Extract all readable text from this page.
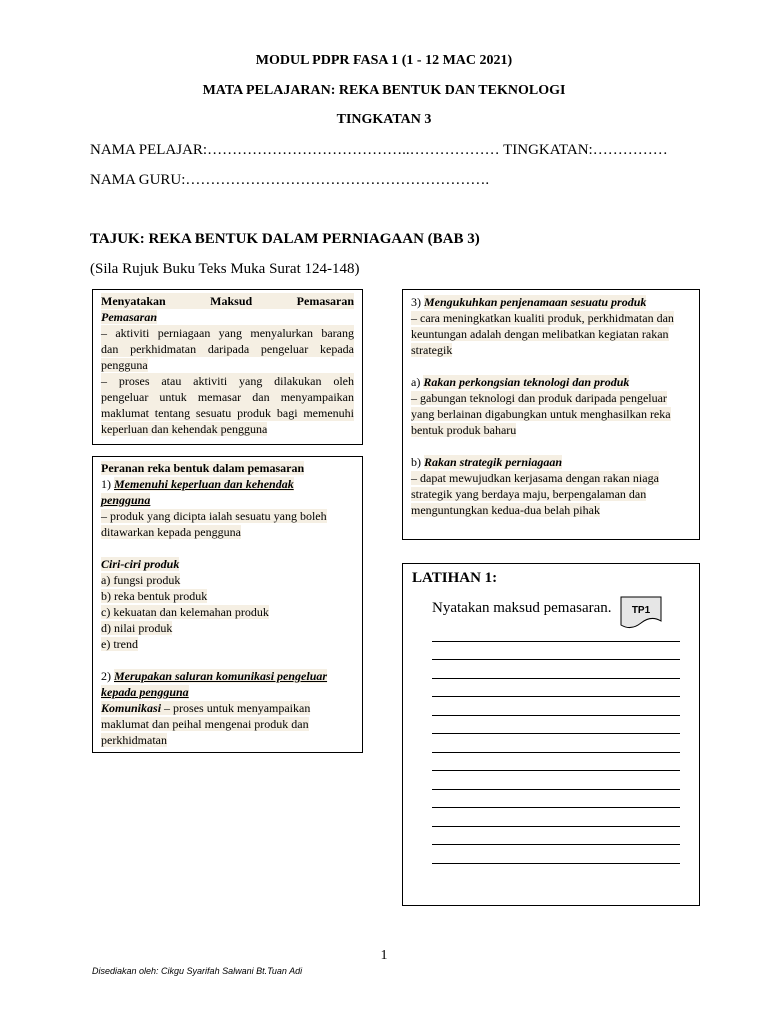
MODUL PDPR FASA 1 (1 - 12 MAC 2021)
MATA PELAJARAN: REKA BENTUK DAN TEKNOLOGI
TINGKATAN 3
NAMA PELAJAR:…………………………………..……………… TINGKATAN:……………
NAMA GURU:…………………………………………………….
TAJUK: REKA BENTUK DALAM PERNIAGAAN (BAB 3)
(Sila Rujuk Buku Teks Muka Surat 124-148)
Menyatakan	Maksud	Pemasaran
Pemasaran
– aktiviti perniagaan yang menyalurkan barang
dan perkhidmatan daripada pengeluar kepada
pengguna
– proses atau aktiviti yang dilakukan oleh
pengeluar untuk memasar dan menyampaikan
maklumat tentang sesuatu produk bagi memenuhi
keperluan dan kehendak pengguna
Peranan reka bentuk dalam pemasaran
1) Memenuhi keperluan dan kehendak
pengguna
– produk yang dicipta ialah sesuatu yang boleh
ditawarkan kepada pengguna
Ciri-ciri produk
a) fungsi produk
b) reka bentuk produk
c) kekuatan dan kelemahan produk
d) nilai produk
e) trend
2) Merupakan saluran komunikasi pengeluar
kepada pengguna
Komunikasi – proses untuk menyampaikan
maklumat dan peihal mengenai produk dan
perkhidmatan
3) Mengukuhkan penjenamaan sesuatu produk
– cara meningkatkan kualiti produk, perkhidmatan dan
keuntungan adalah dengan melibatkan kegiatan rakan
strategik
a) Rakan perkongsian teknologi dan produk
– gabungan teknologi dan produk daripada pengeluar
yang berlainan digabungkan untuk menghasilkan reka
bentuk produk baharu
b) Rakan strategik perniagaan
– dapat mewujudkan kerjasama dengan rakan niaga
strategik yang berdaya maju, berpengalaman dan
menguntungkan kedua-dua belah pihak
LATIHAN 1:
Nyatakan maksud pemasaran. TP1
1
Disediakan oleh: Cikgu Syarifah Salwani Bt.Tuan Adi
